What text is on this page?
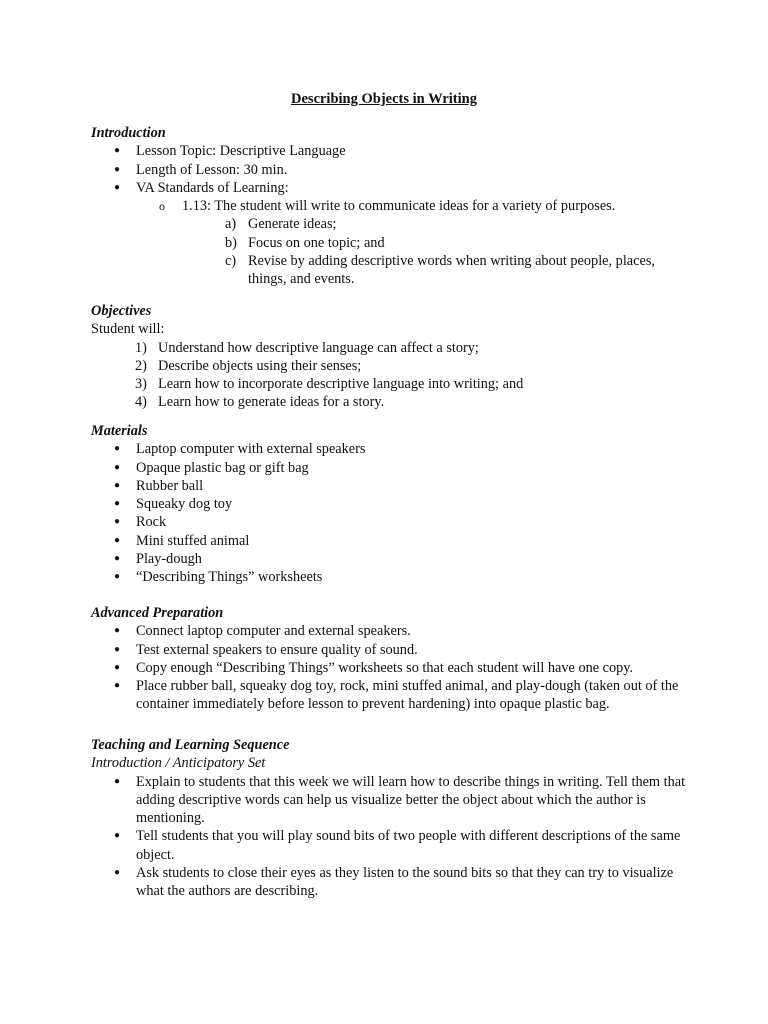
Describing Objects in Writing

Introduction

● Lesson Topic: Descriptive Language
● Length of Lesson: 30 min.
● VA Standards of Learning:
o 1.13: The student will write to communicate ideas for a variety of purposes.
a) Generate ideas;
b) Focus on one topic; and
c) Revise by adding descriptive words when writing about people, places, things, and events.

Objectives

Student will:

1) Understand how descriptive language can affect a story;
2) Describe objects using their senses;
3) Learn how to incorporate descriptive language into writing; and
4) Learn how to generate ideas for a story.

Materials

● Laptop computer with external speakers
● Opaque plastic bag or gift bag
● Rubber ball
● Squeaky dog toy
● Rock
● Mini stuffed animal
● Play-dough
● “Describing Things” worksheets

Advanced Preparation

● Connect laptop computer and external speakers.
● Test external speakers to ensure quality of sound.
● Copy enough “Describing Things” worksheets so that each student will have one copy.
● Place rubber ball, squeaky dog toy, rock, mini stuffed animal, and play-dough (taken out of the container immediately before lesson to prevent hardening) into opaque plastic bag.

Teaching and Learning Sequence

Introduction / Anticipatory Set

● Explain to students that this week we will learn how to describe things in writing. Tell them that adding descriptive words can help us visualize better the object about which the author is mentioning.
● Tell students that you will play sound bits of two people with different descriptions of the same object.
● Ask students to close their eyes as they listen to the sound bits so that they can try to visualize what the authors are describing.
